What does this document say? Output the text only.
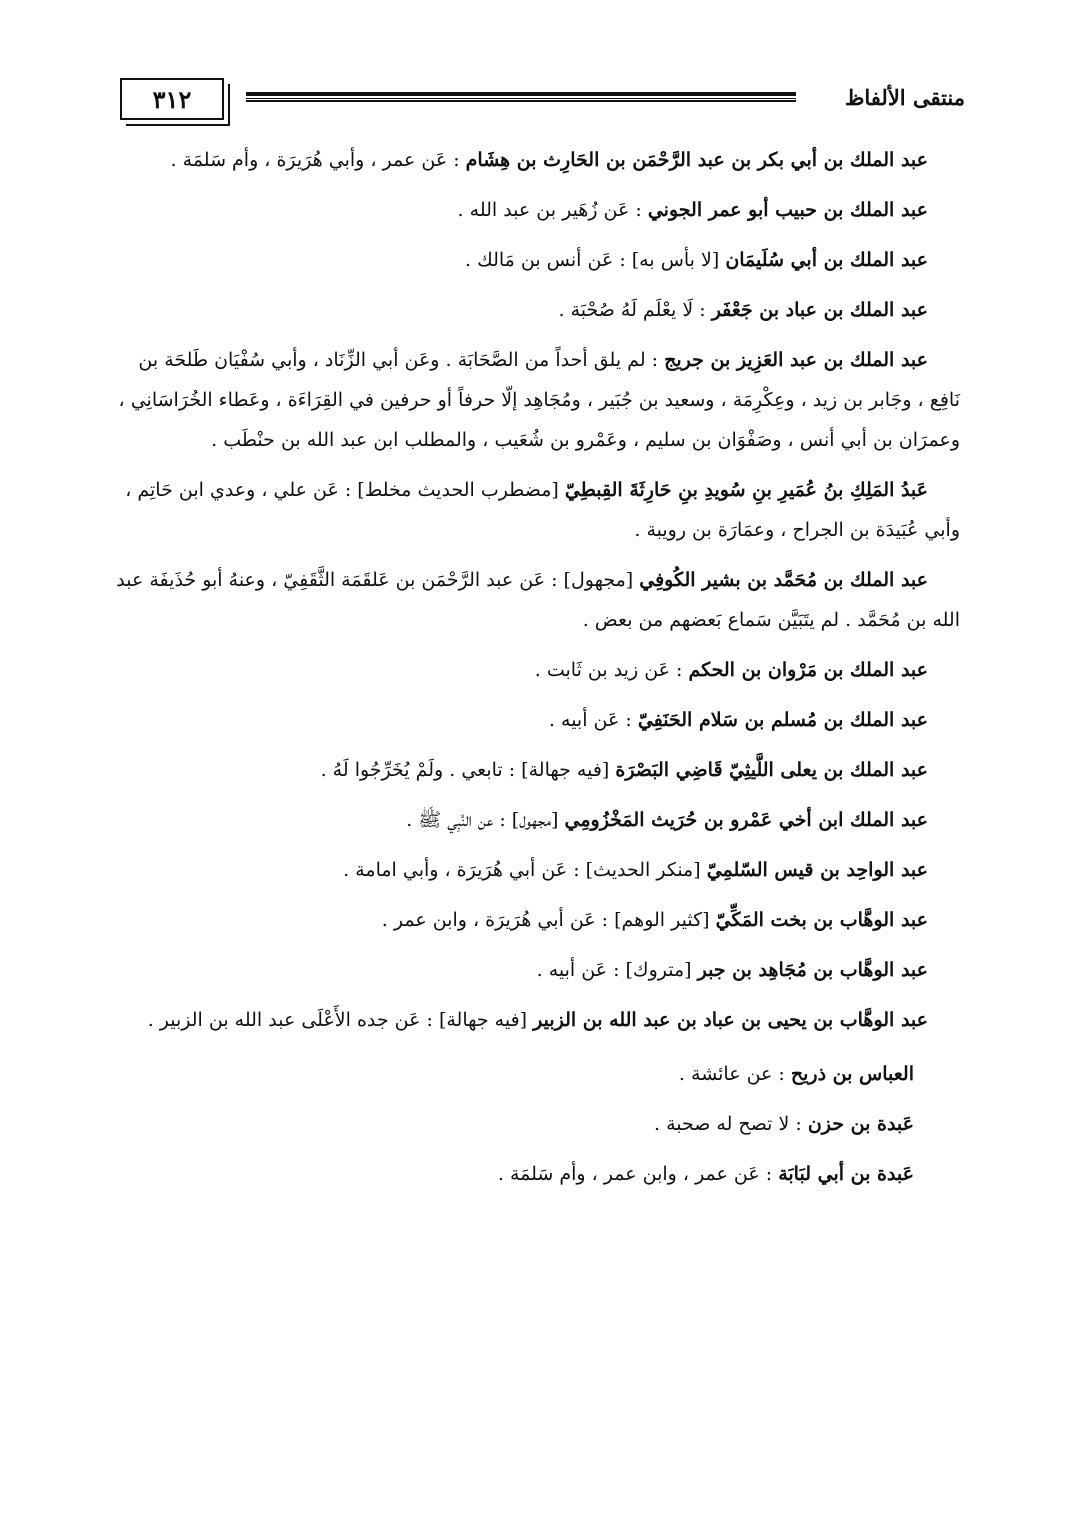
٣١٢	منتقى الألفاظ

عبد الملك بن أبي بكر بن عبد الرَّحْمَن بن الحَارِث بن هِشَام : عَن عمر ، وأبي هُرَيرَة ، وأم سَلمَة .

عبد الملك بن حبيب أبو عمر الجوني : عَن زُهَير بن عبد الله .

عبد الملك بن أبي سُلَيمَان [لا بأس به] : عَن أنس بن مَالك .

عبد الملك بن عباد بن جَعْفَر : لَا يعْلَم لَهُ صُحْبَة .

عبد الملك بن عبد العَزِيز بن جريج : لم يلق أحداً من الصَّحَابَة . وعَن أبي الزِّنَاد ، وأبي سُفْيَان طَلحَة بن نَافِع ، وجَابر بن زيد ، وعِكْرِمَة ، وسعيد بن جُبَير ، ومُجَاهِد إلّا حرفاً أو حرفين في القِرَاءَة ، وعَطاء الخُرَاسَانِي ، وعمرَان بن أبي أنس ، وصَفْوَان بن سليم ، وعَمْرو بن شُعَيب ، والمطلب ابن عبد الله بن حنْطَب .

عَبدُ المَلِكِ بنُ عُمَيرِ بنِ سُويدِ بنِ حَارِثَةَ القِبطِيّ [مضطرب الحديث مخلط] : عَن علي ، وعدي ابن حَاتِم ، وأبي عُبَيدَة بن الجراح ، وعمَارَة بن رويبة .

عبد الملك بن مُحَمَّد بن بشير الكُوفِي [مجهول] : عَن عبد الرَّحْمَن بن عَلقَمَة الثَّقَفِيّ ، وعنهُ أبو حُذَيفَة عبد الله بن مُحَمَّد . لم يتَبَيَّن سَماع بَعضهم من بعض .

عبد الملك بن مَرْوان بن الحكم : عَن زيد بن ثَابت .

عبد الملك بن مُسلم بن سَلام الحَنَفِيّ : عَن أبيه .

عبد الملك بن يعلى اللَّيثِيّ قَاضِي البَصْرَة [فيه جهالة] : تابعي . ولَمْ يُخَرِّجُوا لَهُ .

عبد الملك ابن أخي عَمْرو بن حُرَيث المَخْزُومِي [مجهول] : عن النَّبِي ﷺ .

عبد الواحِد بن قيس السّلمِيّ [منكر الحديث] : عَن أبي هُرَيرَة ، وأبي امامة .

عبد الوهَّاب بن بخت المَكِّيّ [كثير الوهم] : عَن أبي هُرَيرَة ، وابن عمر .

عبد الوهَّاب بن مُجَاهِد بن جبر [متروك] : عَن أبيه .

عبد الوهَّاب بن يحيى بن عباد بن عبد الله بن الزبير [فيه جهالة] : عَن جده الأَعْلَى عبد الله بن الزبير .

العباس بن ذريح : عن عائشة .

عَبدة بن حزن : لا تصح له صحبة .

عَبدة بن أبي لبَابَة : عَن عمر ، وابن عمر ، وأم سَلمَة .
